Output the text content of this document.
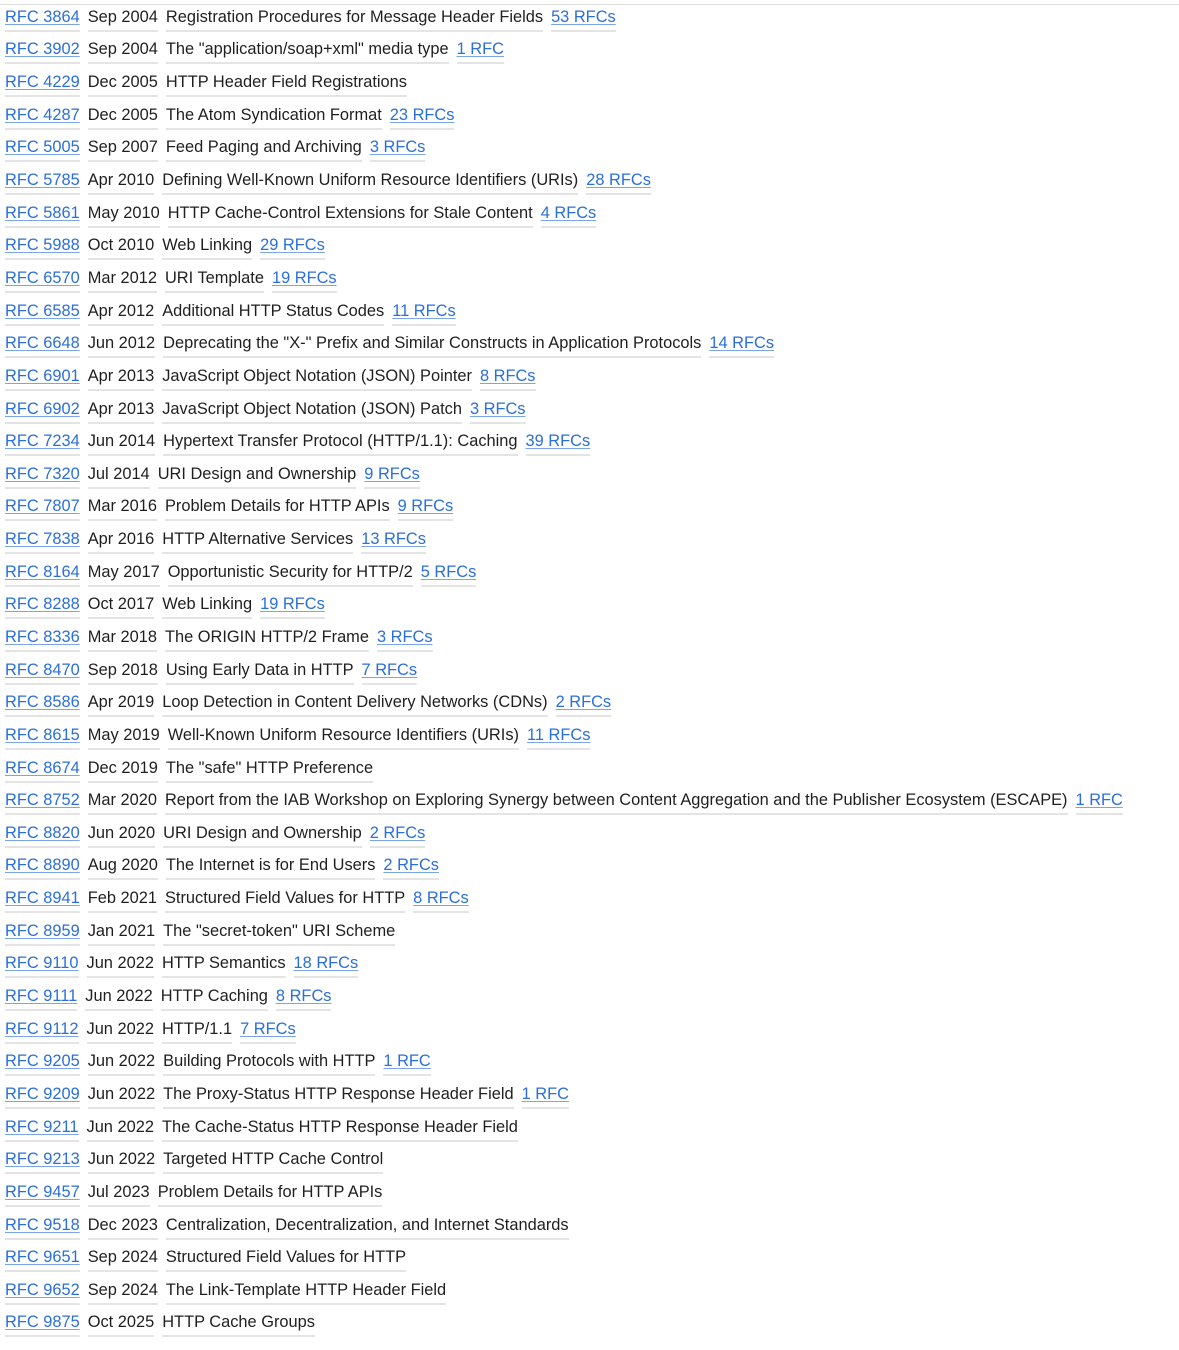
RFC 3864 Sep 2004 Registration Procedures for Message Header Fields 53 RFCs
RFC 3902 Sep 2004 The "application/soap+xml" media type 1 RFC
RFC 4229 Dec 2005 HTTP Header Field Registrations
RFC 4287 Dec 2005 The Atom Syndication Format 23 RFCs
RFC 5005 Sep 2007 Feed Paging and Archiving 3 RFCs
RFC 5785 Apr 2010 Defining Well-Known Uniform Resource Identifiers (URIs) 28 RFCs
RFC 5861 May 2010 HTTP Cache-Control Extensions for Stale Content 4 RFCs
RFC 5988 Oct 2010 Web Linking 29 RFCs
RFC 6570 Mar 2012 URI Template 19 RFCs
RFC 6585 Apr 2012 Additional HTTP Status Codes 11 RFCs
RFC 6648 Jun 2012 Deprecating the "X-" Prefix and Similar Constructs in Application Protocols 14 RFCs
RFC 6901 Apr 2013 JavaScript Object Notation (JSON) Pointer 8 RFCs
RFC 6902 Apr 2013 JavaScript Object Notation (JSON) Patch 3 RFCs
RFC 7234 Jun 2014 Hypertext Transfer Protocol (HTTP/1.1): Caching 39 RFCs
RFC 7320 Jul 2014 URI Design and Ownership 9 RFCs
RFC 7807 Mar 2016 Problem Details for HTTP APIs 9 RFCs
RFC 7838 Apr 2016 HTTP Alternative Services 13 RFCs
RFC 8164 May 2017 Opportunistic Security for HTTP/2 5 RFCs
RFC 8288 Oct 2017 Web Linking 19 RFCs
RFC 8336 Mar 2018 The ORIGIN HTTP/2 Frame 3 RFCs
RFC 8470 Sep 2018 Using Early Data in HTTP 7 RFCs
RFC 8586 Apr 2019 Loop Detection in Content Delivery Networks (CDNs) 2 RFCs
RFC 8615 May 2019 Well-Known Uniform Resource Identifiers (URIs) 11 RFCs
RFC 8674 Dec 2019 The "safe" HTTP Preference
RFC 8752 Mar 2020 Report from the IAB Workshop on Exploring Synergy between Content Aggregation and the Publisher Ecosystem (ESCAPE) 1 RFC
RFC 8820 Jun 2020 URI Design and Ownership 2 RFCs
RFC 8890 Aug 2020 The Internet is for End Users 2 RFCs
RFC 8941 Feb 2021 Structured Field Values for HTTP 8 RFCs
RFC 8959 Jan 2021 The "secret-token" URI Scheme
RFC 9110 Jun 2022 HTTP Semantics 18 RFCs
RFC 9111 Jun 2022 HTTP Caching 8 RFCs
RFC 9112 Jun 2022 HTTP/1.1 7 RFCs
RFC 9205 Jun 2022 Building Protocols with HTTP 1 RFC
RFC 9209 Jun 2022 The Proxy-Status HTTP Response Header Field 1 RFC
RFC 9211 Jun 2022 The Cache-Status HTTP Response Header Field
RFC 9213 Jun 2022 Targeted HTTP Cache Control
RFC 9457 Jul 2023 Problem Details for HTTP APIs
RFC 9518 Dec 2023 Centralization, Decentralization, and Internet Standards
RFC 9651 Sep 2024 Structured Field Values for HTTP
RFC 9652 Sep 2024 The Link-Template HTTP Header Field
RFC 9875 Oct 2025 HTTP Cache Groups
